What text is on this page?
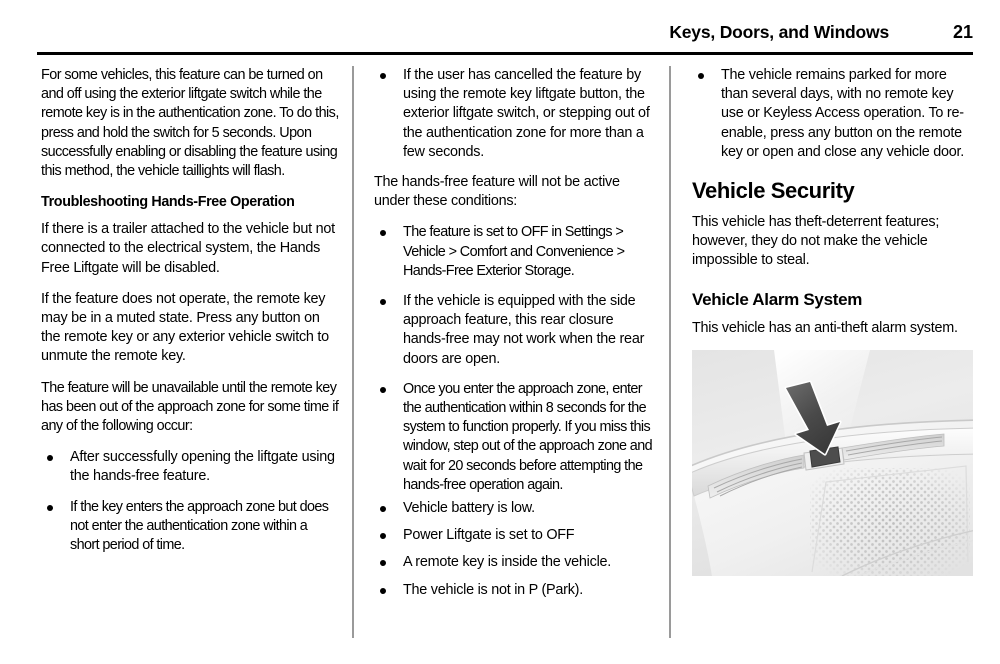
Keys, Doors, and Windows	21

For some vehicles, this feature can be turned on and off using the exterior liftgate switch while the remote key is in the authentication zone. To do this, press and hold the switch for 5 seconds. Upon successfully enabling or disabling the feature using this method, the vehicle taillights will flash.

Troubleshooting Hands-Free Operation

If there is a trailer attached to the vehicle but not connected to the electrical system, the Hands Free Liftgate will be disabled.

If the feature does not operate, the remote key may be in a muted state. Press any button on the remote key or any exterior vehicle switch to unmute the remote key.

The feature will be unavailable until the remote key has been out of the approach zone for some time if any of the following occur:

After successfully opening the liftgate using the hands-free feature.
If the key enters the approach zone but does not enter the authentication zone within a short period of time.
If the user has cancelled the feature by using the remote key liftgate button, the exterior liftgate switch, or stepping out of the authentication zone for more than a few seconds.

The hands-free feature will not be active under these conditions:

The feature is set to OFF in Settings > Vehicle > Comfort and Convenience > Hands-Free Exterior Storage.
If the vehicle is equipped with the side approach feature, this rear closure hands-free may not work when the rear doors are open.
Once you enter the approach zone, enter the authentication within 8 seconds for the system to function properly. If you miss this window, step out of the approach zone and wait for 20 seconds before attempting the hands-free operation again.
Vehicle battery is low.
Power Liftgate is set to OFF
A remote key is inside the vehicle.
The vehicle is not in P (Park).
The vehicle remains parked for more than several days, with no remote key use or Keyless Access operation. To re-enable, press any button on the remote key or open and close any vehicle door.
Vehicle Security

This vehicle has theft-deterrent features; however, they do not make the vehicle impossible to steal.

Vehicle Alarm System

This vehicle has an anti-theft alarm system.
